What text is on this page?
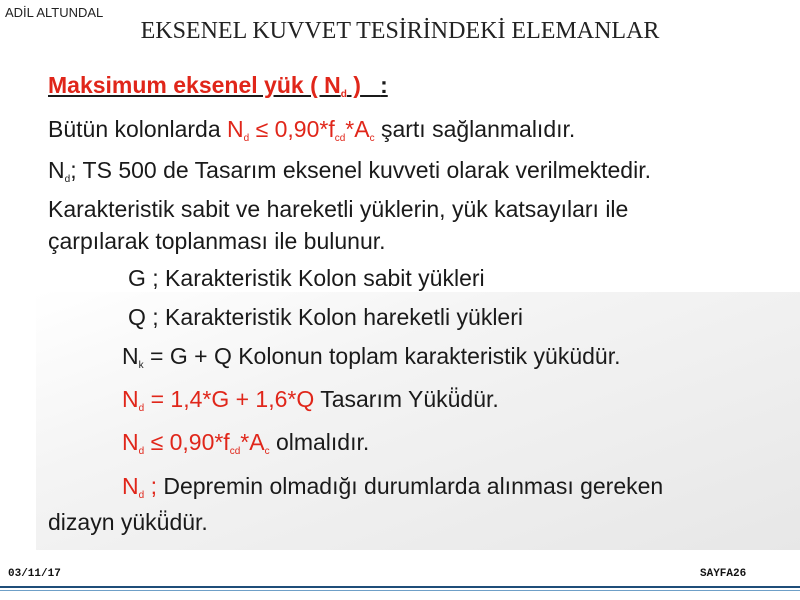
ADİL ALTUNDAL
EKSENEL KUVVET TESİRİNDEKİ ELEMANLAR
Maksimum eksenel yük ( $N_d$ ) :
Bütün kolonlarda $N_d \le 0,90*f_{cd}*A_c$ şartı sağlanmalıdır.
$N_d$; TS 500 de Tasarım eksenel kuvveti olarak verilmektedir.
Karakteristik sabit ve hareketli yüklerin, yük katsayıları ile
çarpılarak toplanması ile bulunur.
G ; Karakteristik Kolon sabit yükleri
Q ; Karakteristik Kolon hareketli yükleri
$N_k = G + Q$ Kolonun toplam karakteristik yüküdür.
$N_d = 1,4*G + 1,6*Q$ Tasarım Yükü̈dür.
$N_d \le 0,90*f_{cd}*A_c$ olmalıdır.
$N_d$ ; Depremin olmadığı durumlarda alınması gereken
dizayn yükü̈dür.
03/11/17	SAYFA26
